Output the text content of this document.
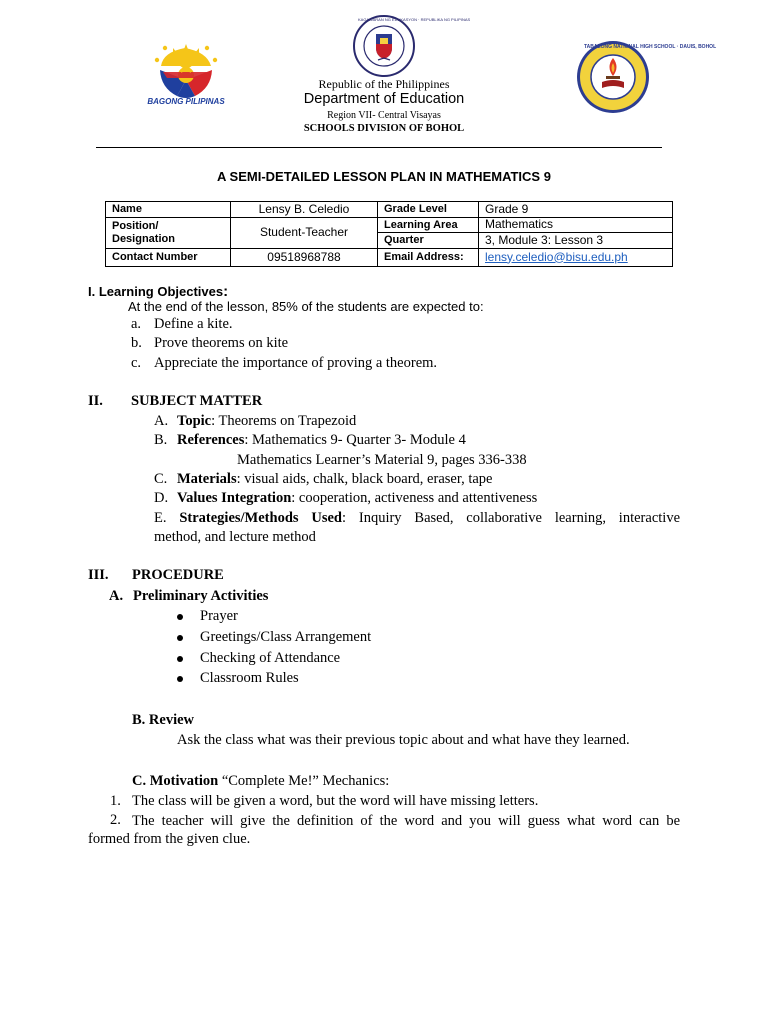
BAGONG PILIPINAS
KAGAWARAN NG EDUKASYON · REPUBLIKA NG PILIPINAS
TABALONG NATIONAL HIGH SCHOOL · DAUIS, BOHOL
Republic of the Philippines
Department of Education
Region VII- Central Visayas
SCHOOLS DIVISION OF BOHOL
A SEMI-DETAILED LESSON PLAN IN MATHEMATICS 9
Name	Lensy B. Celedio	Grade Level	Grade 9

Position/
Designation	Student-Teacher	Learning Area	Mathematics
		Quarter	3, Module 3: Lesson 3
Contact Number	09518968788	Email Address:	lensy.celedio@bisu.edu.ph
I. Learning Objectives:
At the end of the lesson, 85% of the students are expected to:
a. Define a kite.
b. Prove theorems on kite
c. Appreciate the importance of proving a theorem.
II. SUBJECT MATTER
A. Topic: Theorems on Trapezoid
B. References: Mathematics 9- Quarter 3- Module 4
Mathematics Learner’s Material 9, pages 336-338
C. Materials: visual aids, chalk, black board, eraser, tape
D. Values Integration: cooperation, activeness and attentiveness
E. Strategies/Methods Used: Inquiry Based, collaborative learning, interactive
method, and lecture method
III. PROCEDURE
A. Preliminary Activities
Prayer
Greetings/Class Arrangement
Checking of Attendance
Classroom Rules
B. Review
Ask the class what was their previous topic about and what have they learned.
C. Motivation “Complete Me!” Mechanics:
1. The class will be given a word, but the word will have missing letters.
2. The teacher will give the definition of the word and you will guess what word can be
formed from the given clue.
